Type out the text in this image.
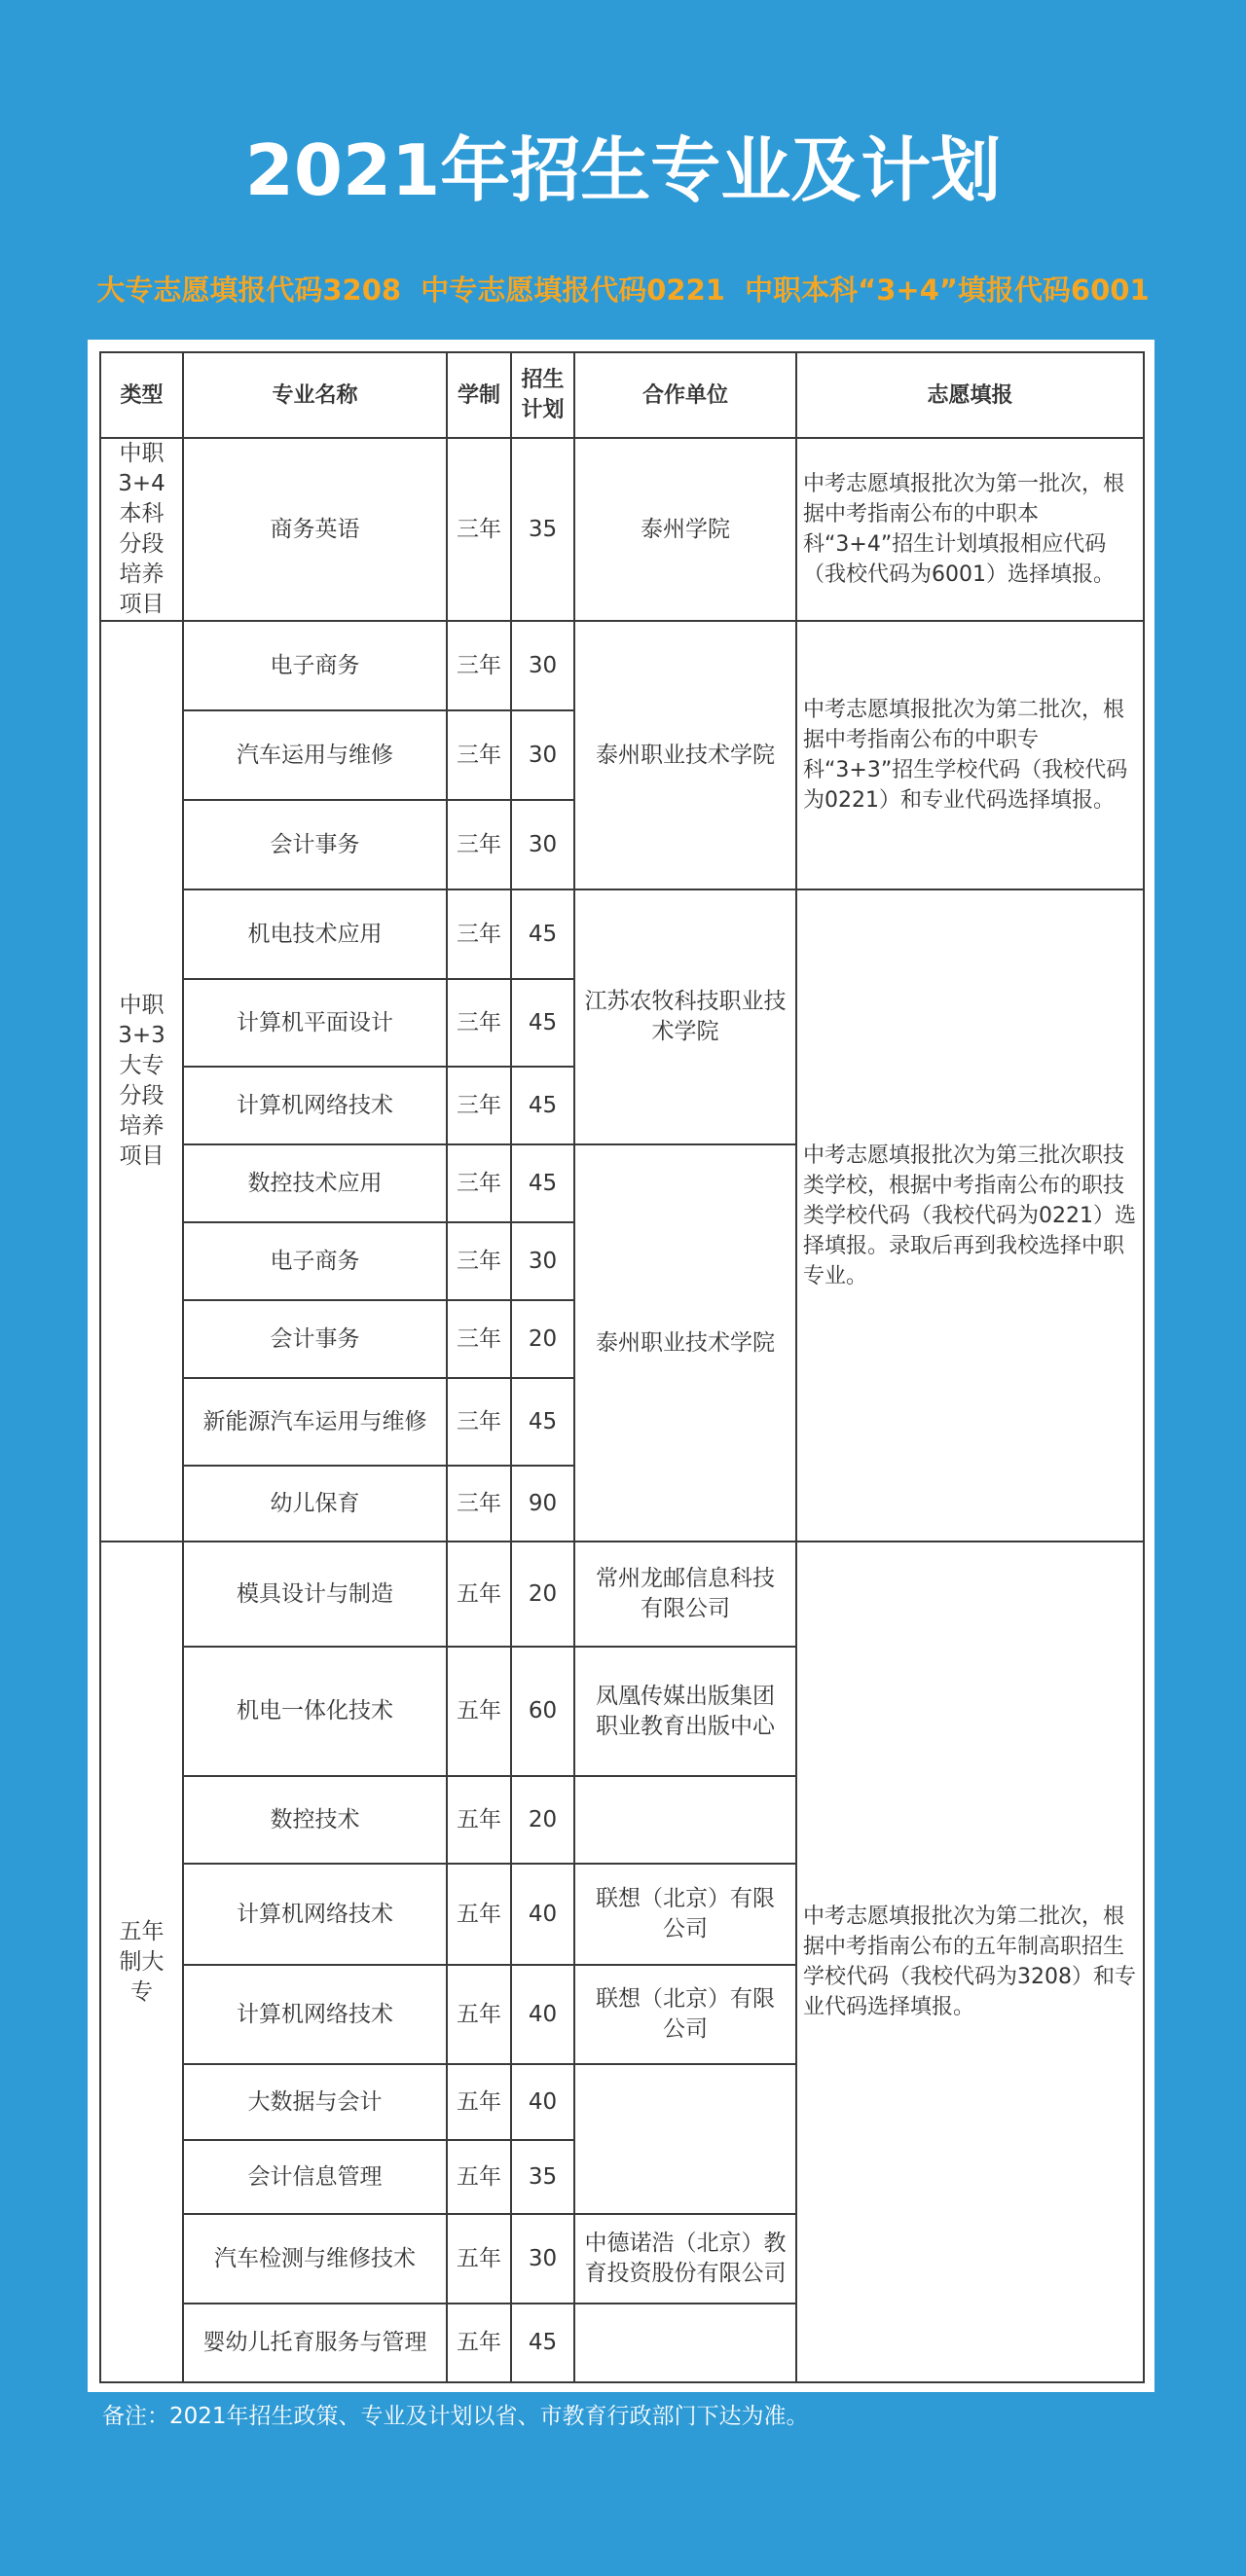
2021年招生专业及计划
大专志愿填报代码3208  中专志愿填报代码0221  中职本科“3+4”填报代码6001
类型	专业名称	学制	招生计划	合作单位	志愿填报
中职3+4本科分段培养项目	商务英语	三年	35	泰州学院	中考志愿填报批次为第一批次，根据中考指南公布的中职本科“3+4”招生计划填报相应代码（我校代码为6001）选择填报。
中职3+3大专分段培养项目	电子商务	三年	30	泰州职业技术学院	中考志愿填报批次为第二批次，根据中考指南公布的中职专科“3+3”招生学校代码（我校代码为0221）和专业代码选择填报。
	汽车运用与维修	三年	30		
	会计事务	三年	30		
	机电技术应用	三年	45	江苏农牧科技职业技术学院	中考志愿填报批次为第三批次职技类学校，根据中考指南公布的职技类学校代码（我校代码为0221）选择填报。录取后再到我校选择中职专业。
	计算机平面设计	三年	45		
	计算机网络技术	三年	45		
	数控技术应用	三年	45	泰州职业技术学院	
	电子商务	三年	30		
	会计事务	三年	20		
	新能源汽车运用与维修	三年	45		
	幼儿保育	三年	90		
五年制大专	模具设计与制造	五年	20	常州龙邮信息科技有限公司	中考志愿填报批次为第二批次，根据中考指南公布的五年制高职招生学校代码（我校代码为3208）和专业代码选择填报。
	机电一体化技术	五年	60	凤凰传媒出版集团职业教育出版中心	
	数控技术	五年	20		
	计算机网络技术	五年	40	联想（北京）有限公司	
	计算机网络技术	五年	40	联想（北京）有限公司	
	大数据与会计	五年	40		
	会计信息管理	五年	35		
	汽车检测与维修技术	五年	30	中德诺浩（北京）教育投资股份有限公司	
	婴幼儿托育服务与管理	五年	45		
备注：2021年招生政策、专业及计划以省、市教育行政部门下达为准。
